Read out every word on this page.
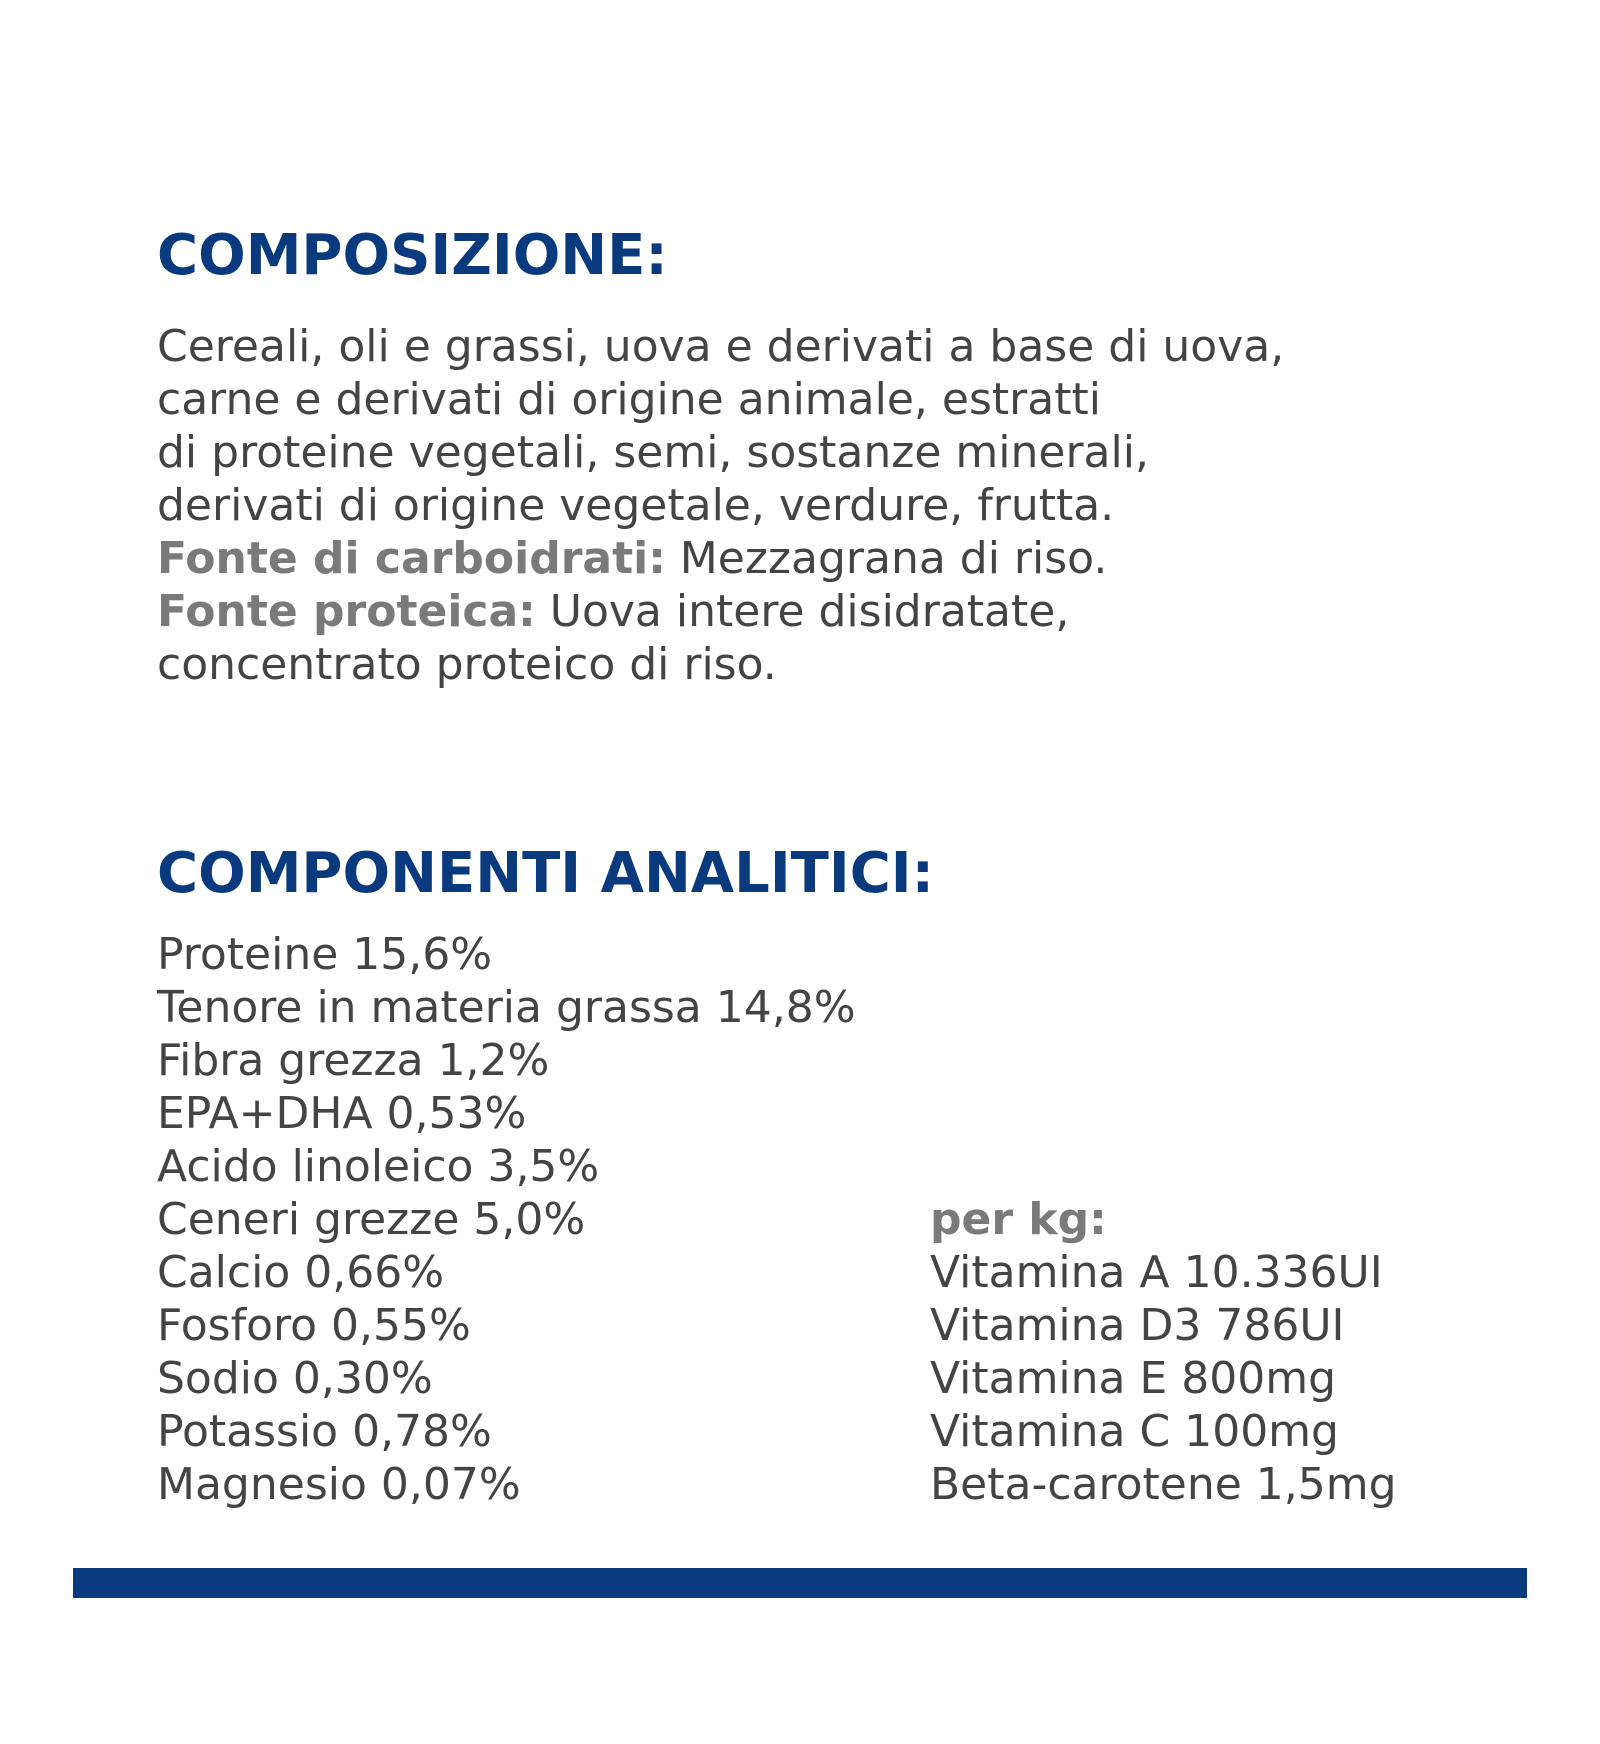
COMPOSIZIONE:
Cereali, oli e grassi, uova e derivati a base di uova,
carne e derivati di origine animale, estratti
di proteine vegetali, semi, sostanze minerali,
derivati di origine vegetale, verdure, frutta.
Fonte di carboidrati: Mezzagrana di riso.
Fonte proteica: Uova intere disidratate,
concentrato proteico di riso.
COMPONENTI ANALITICI:
Proteine 15,6%
Tenore in materia grassa 14,8%
Fibra grezza 1,2%
EPA+DHA 0,53%
Acido linoleico 3,5%
Ceneri grezze 5,0%
Calcio 0,66%
Fosforo 0,55%
Sodio 0,30%
Potassio 0,78%
Magnesio 0,07%
per kg:
Vitamina A 10.336UI
Vitamina D3 786UI
Vitamina E 800mg
Vitamina C 100mg
Beta-carotene 1,5mg
